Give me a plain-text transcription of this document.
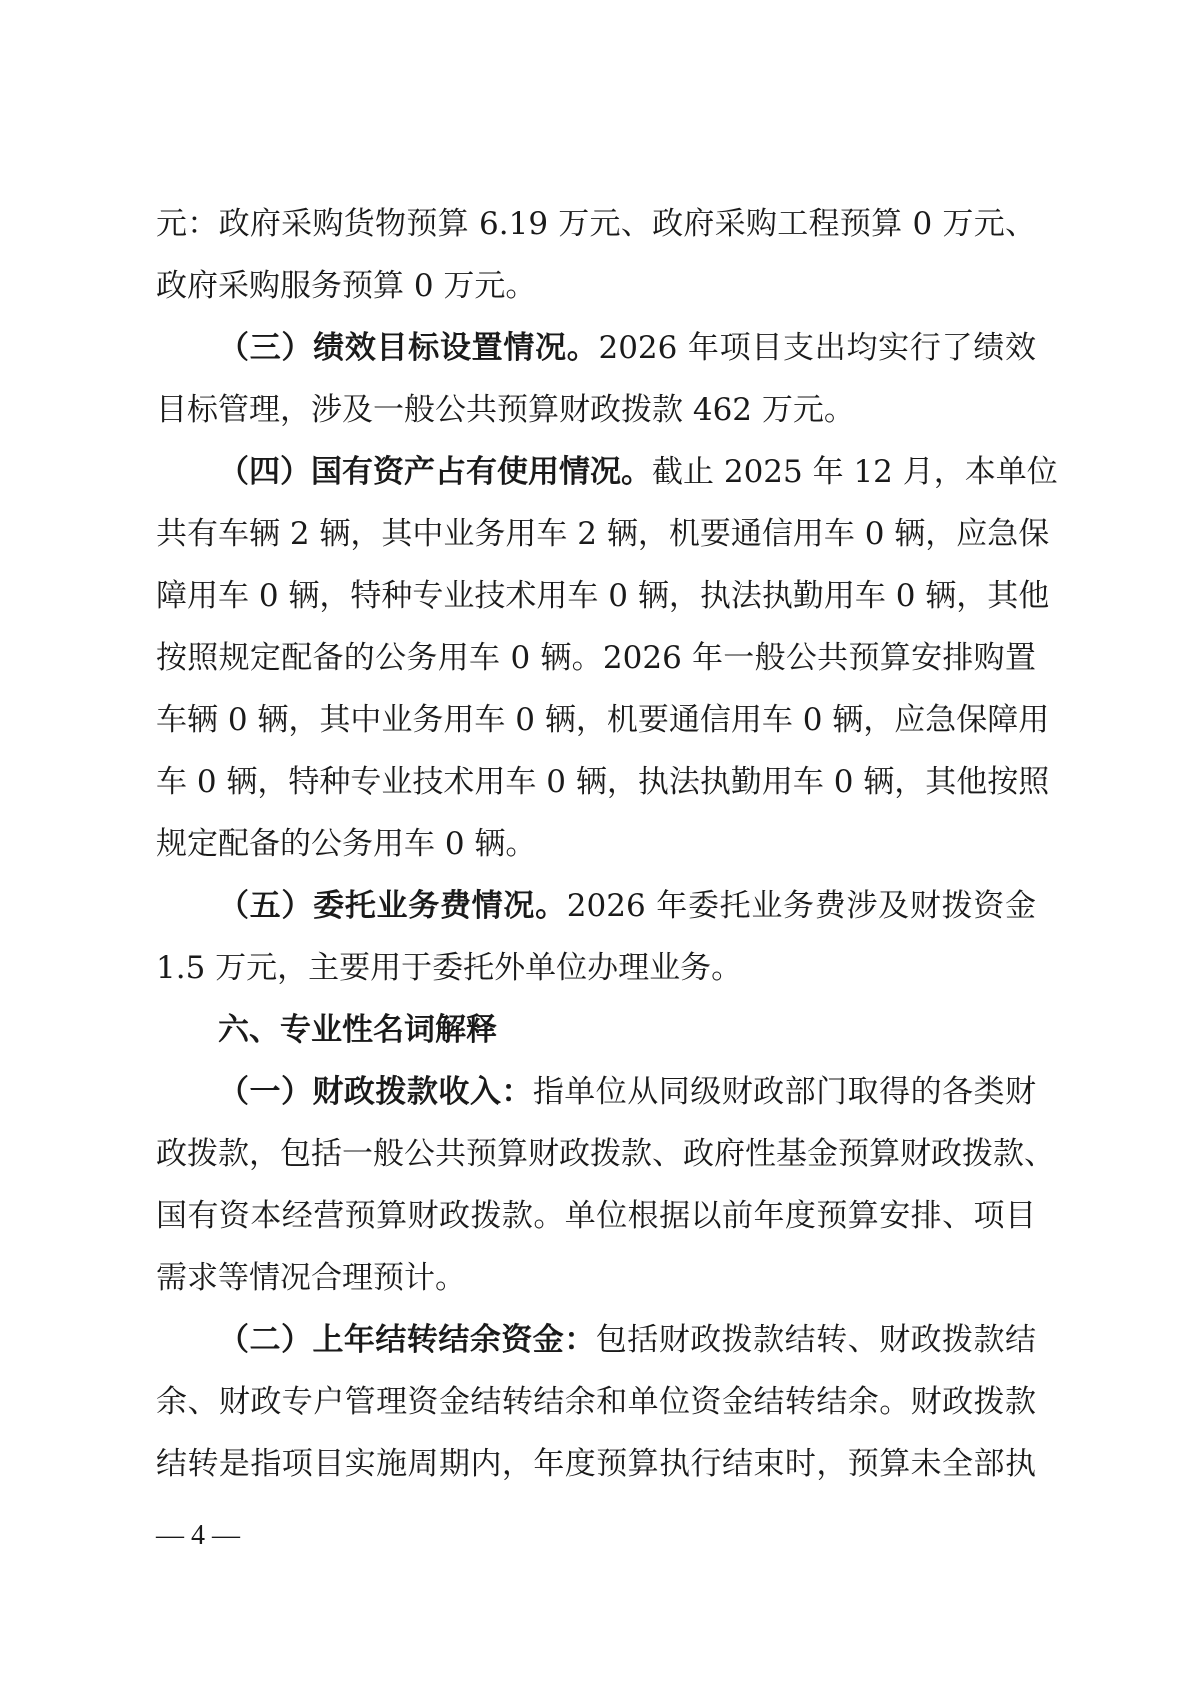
元：政府采购货物预算 6.19 万元、政府采购工程预算 0 万元、
政府采购服务预算 0 万元。
（三）绩效目标设置情况。2026 年项目支出均实行了绩效
目标管理，涉及一般公共预算财政拨款 462 万元。
（四）国有资产占有使用情况。截止 2025 年 12 月，本单位
共有车辆 2 辆，其中业务用车 2 辆，机要通信用车 0 辆，应急保
障用车 0 辆，特种专业技术用车 0 辆，执法执勤用车 0 辆，其他
按照规定配备的公务用车 0 辆。2026 年一般公共预算安排购置
车辆 0 辆，其中业务用车 0 辆，机要通信用车 0 辆，应急保障用
车 0 辆，特种专业技术用车 0 辆，执法执勤用车 0 辆，其他按照
规定配备的公务用车 0 辆。
（五）委托业务费情况。2026 年委托业务费涉及财拨资金
1.5 万元，主要用于委托外单位办理业务。
六、专业性名词解释
（一）财政拨款收入：指单位从同级财政部门取得的各类财
政拨款，包括一般公共预算财政拨款、政府性基金预算财政拨款、
国有资本经营预算财政拨款。单位根据以前年度预算安排、项目
需求等情况合理预计。
（二）上年结转结余资金：包括财政拨款结转、财政拨款结
余、财政专户管理资金结转结余和单位资金结转结余。财政拨款
结转是指项目实施周期内，年度预算执行结束时，预算未全部执
— 4 —
